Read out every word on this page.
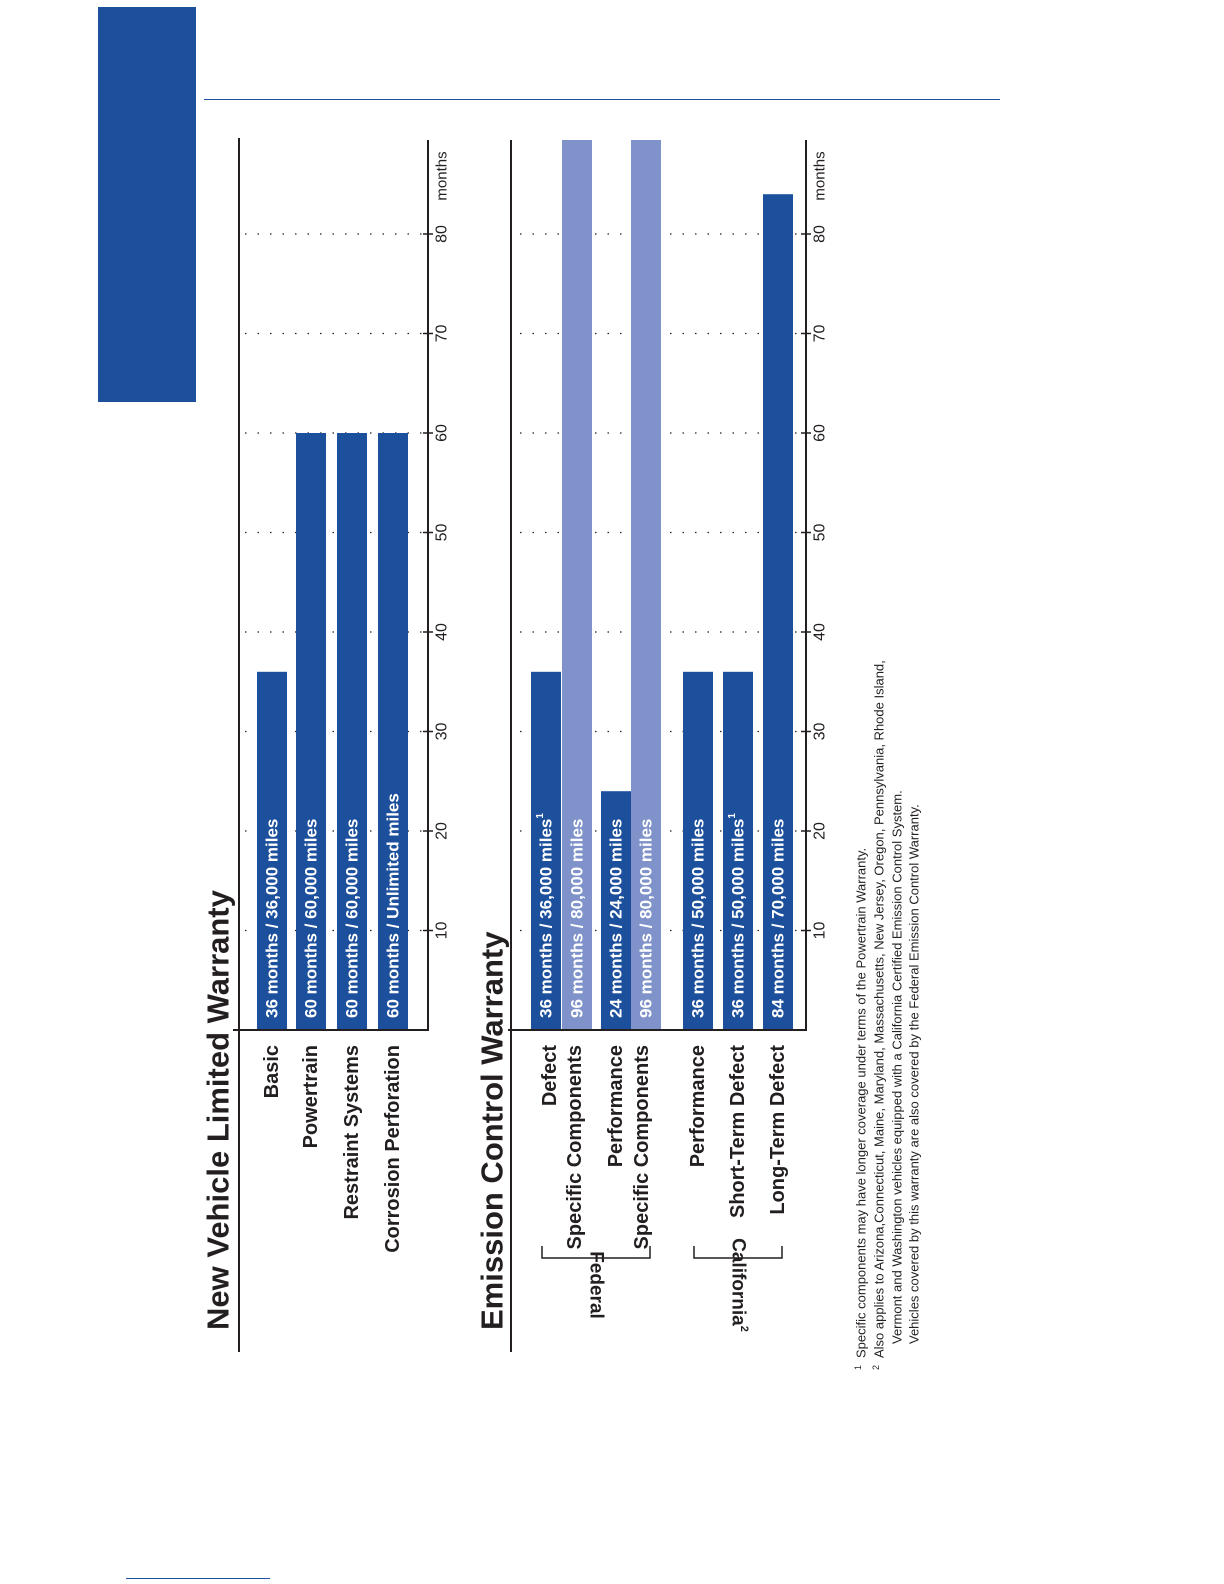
New Vehicle Limited Warranty 36 months / 36,000 miles 60 months / 60,000 miles 60 months / 60,000 miles 60 months / Unlimited miles
Basic Powertrain Restraint Systems Corrosion Perforation
10
20
30
40
50
60
70
80
months
Federal	California$^2$
Emission Control Warranty
36 months / 36,000 miles$^1$
96 months / 80,000 miles 24 months / 24,000 miles 96 months / 80,000 miles 36 months / 50,000 miles 36 months / 50,000 miles$^1$
84 months / 70,000 miles
Defect Specific Components Performance Specific Components Performance Short-Term Defect Long-Term Defect
10
20
30
40
50
60
70
80
months
1
Specific components may have longer coverage under terms of the Powertrain Warranty.
2
Also applies to Arizona,Connecticut, Maine, Maryland, Massachusetts, New Jersey, Oregon, Pennsylvania, Rhode Island, Vermont and Washington vehicles equipped with a California Certified Emission Control System. Vehicles covered by this warranty are also covered by the Federal Emission Control Warranty.
